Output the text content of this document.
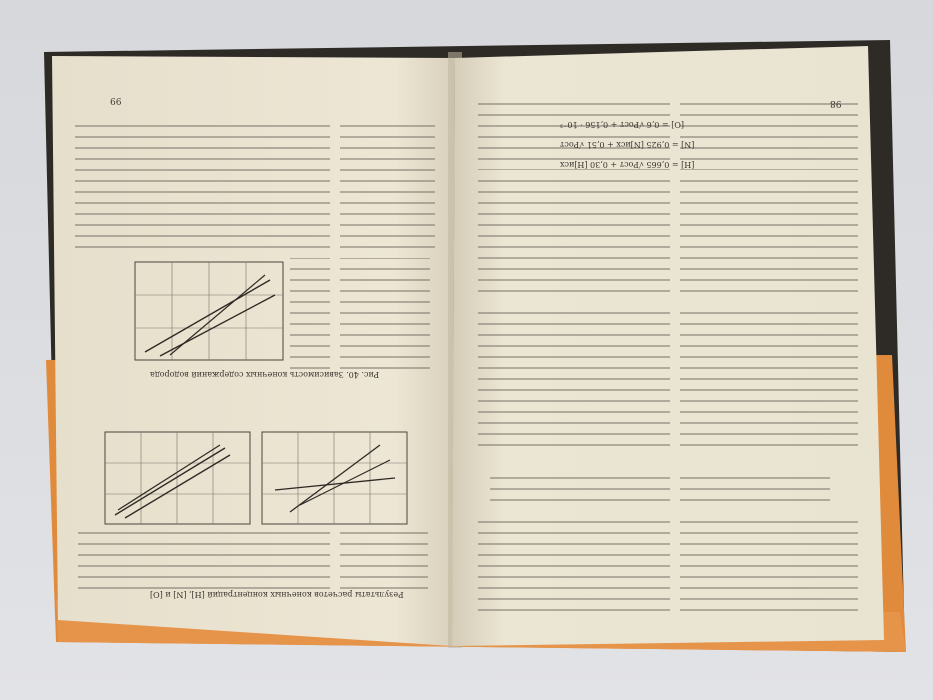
99
Результаты расчетов конечных концентраций [Н], [N] и [O]
Рис. 40. Зависимость конечных содержаний водорода
98
[H] = 0,665 √Pост + 0,30 [H]исх
[N] = 0,925 [N]исх + 0,51 √Pост
[O] = 0,6 √Pост + 0,156 · 10⁻³
